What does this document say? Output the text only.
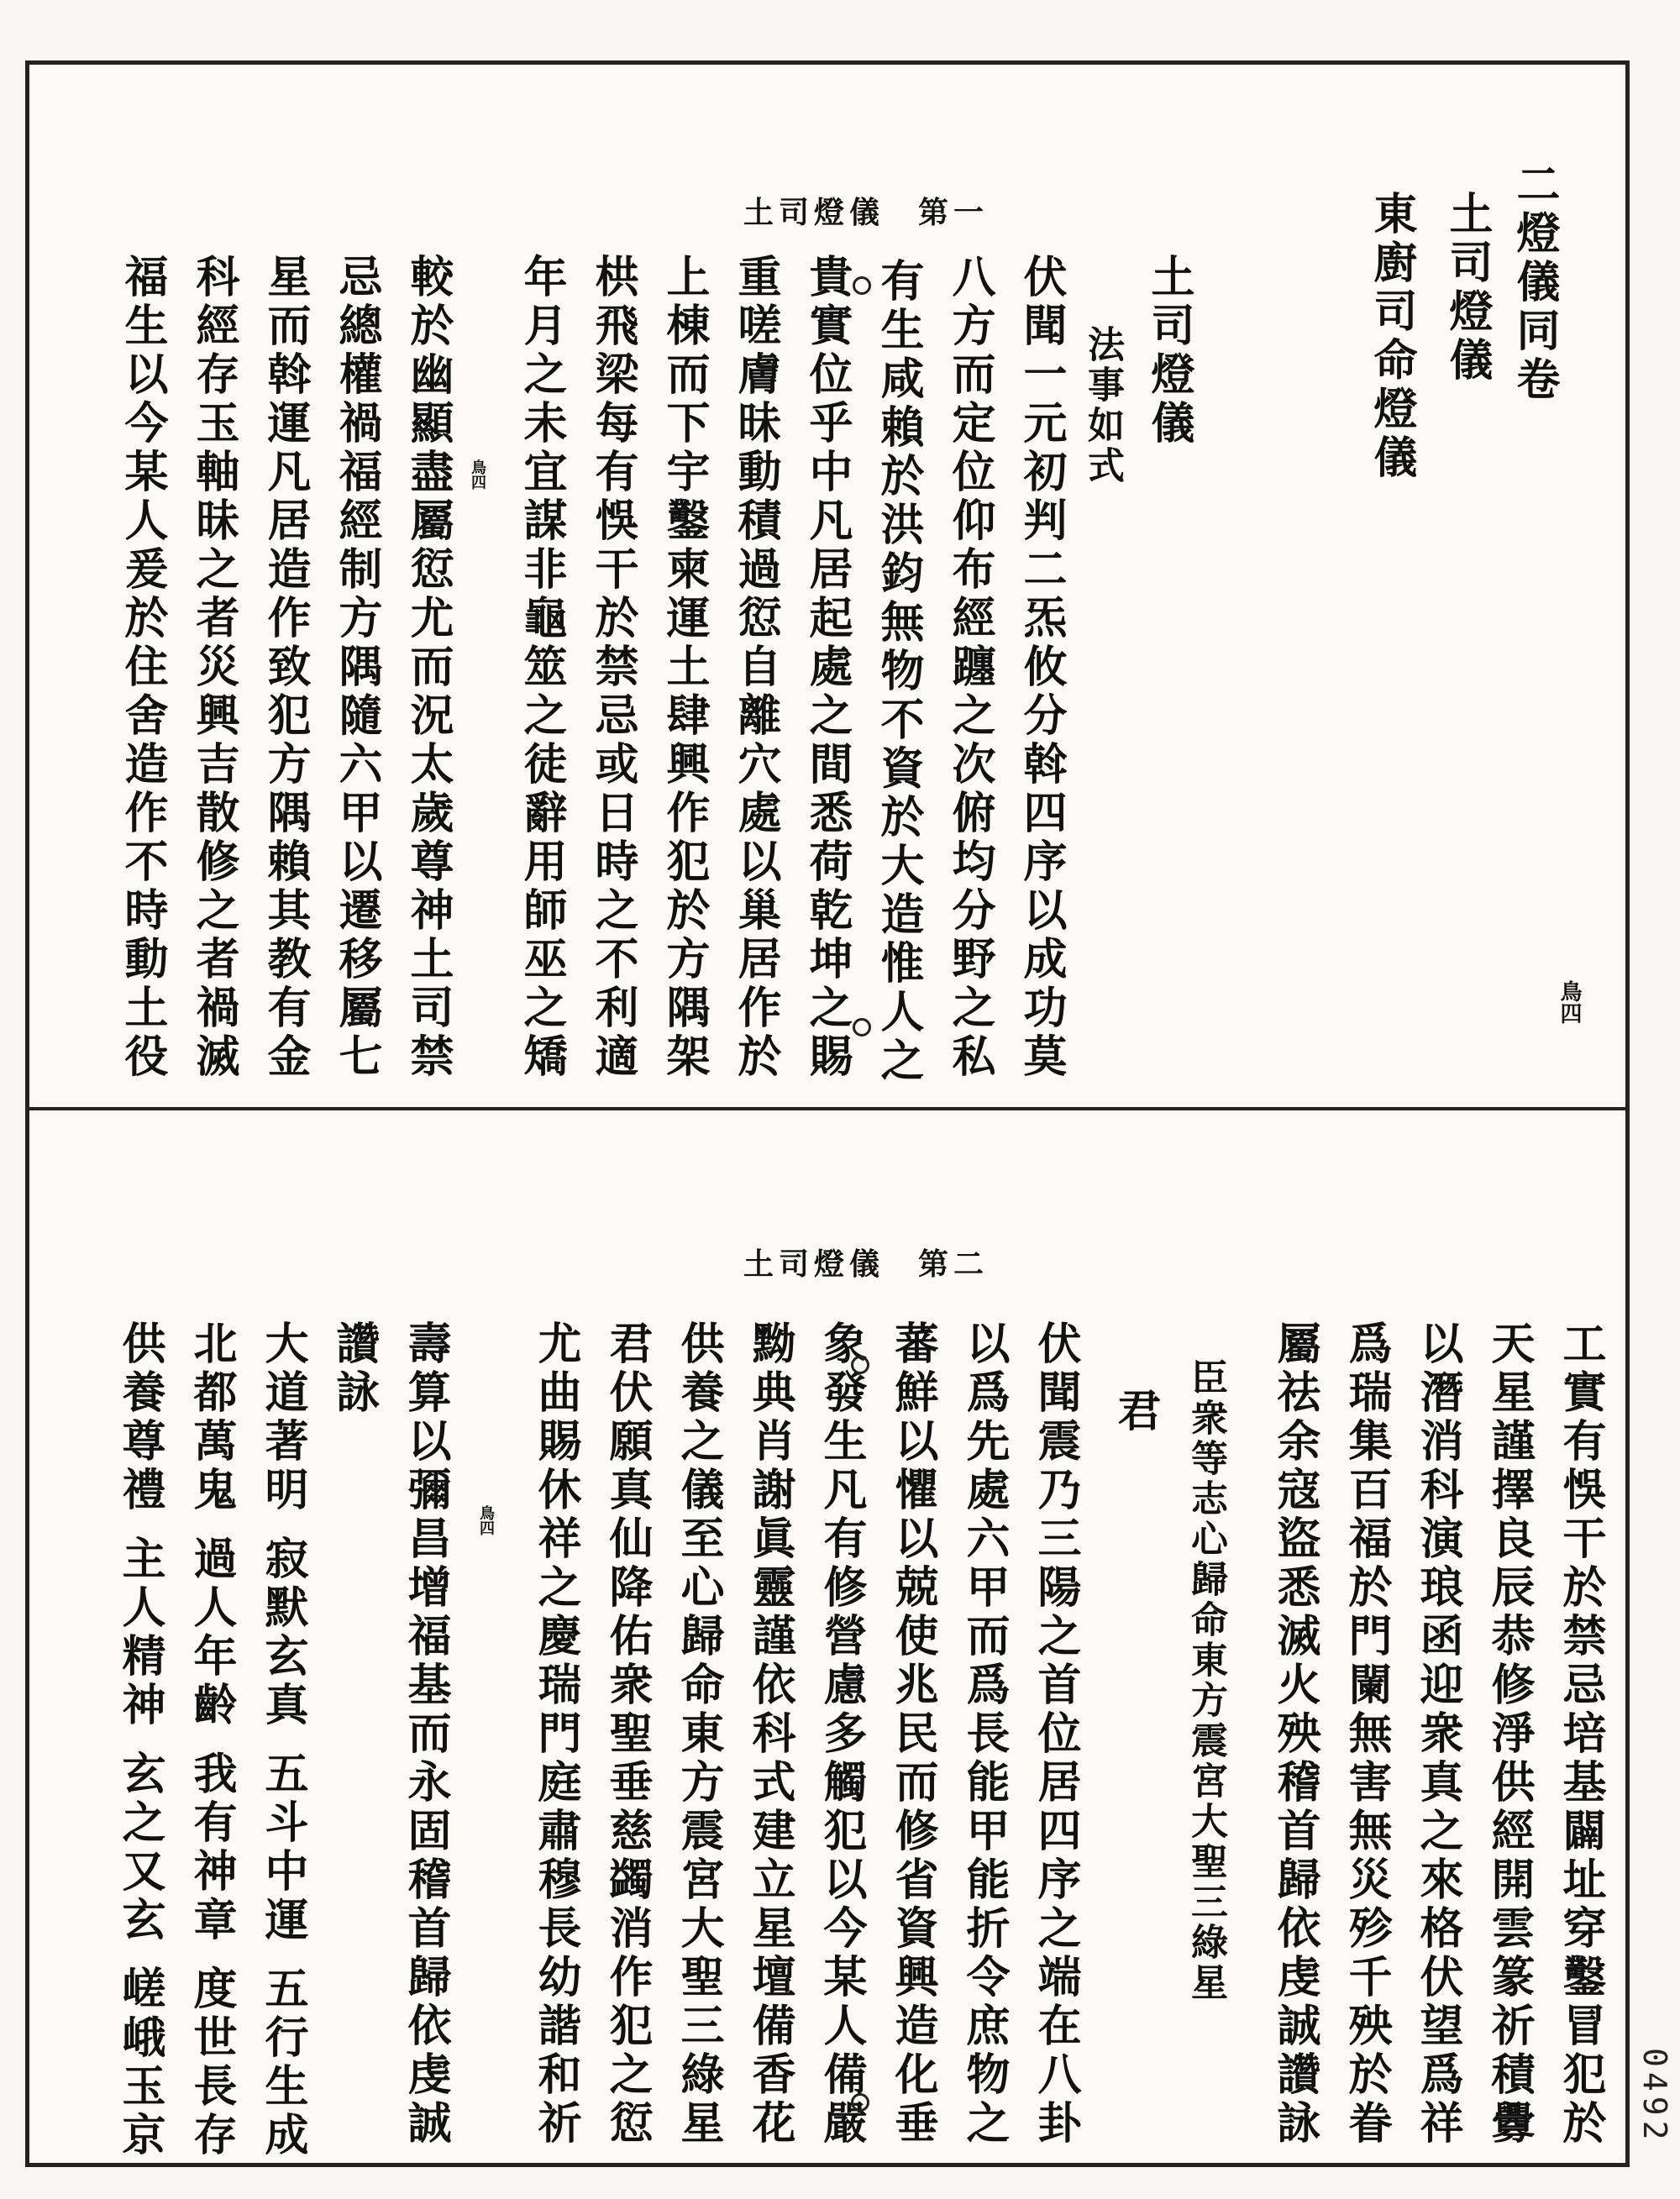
土司燈儀 第一	二燈儀同卷
土司燈儀
東廚司命燈儀
鳥四
土司燈儀
法事如式
伏聞一元初判二炁攸分斡四序以成功莫
八方而定位仰布經躔之次俯均分野之私
有生咸賴於洪鈞無物不資於大造惟人之
貴實位乎中凡居起處之間悉荷乾坤之賜
重嗟膚昧動積過愆自離穴處以巢居作於
上棟而下宇鑿柬運土肆興作犯於方隅架
栱飛梁每有悞干於禁忌或日時之不利適
年月之未宜謀非龜筮之徒辭用師巫之矯
鳥四
較於幽顯盡屬愆尤而況太歲尊神土司禁
忌總權禍福經制方隅隨六甲以遷移屬七
星而斡運凡居造作致犯方隅賴其教有金
科經存玉軸昧之者災興吉散修之者禍滅
福生以今某人爰於住舍造作不時動土役
土司燈儀 第二
工實有悞干於禁忌培基闢址穿鑿冒犯於
天星謹擇良辰恭修淨供經開雲篆祈積釁
以潛消科演琅函迎衆真之來格伏望爲祥
爲瑞集百福於門闌無害無災殄千殃於眷
屬祛余寇盜悉滅火殃稽首歸依虔誠讚詠
臣衆等志心歸命東方震宮大聖三綠星
君
伏聞震乃三陽之首位居四序之端在八卦
以爲先處六甲而爲長能甲能折令庶物之
蕃鮮以懼以兢使兆民而修省資興造化垂
象發生凡有修營慮多觸犯以今某人備嚴
黝典肖謝眞靈謹依科式建立星壇備香花
供養之儀至心歸命東方震宮大聖三綠星
君伏願真仙降佑衆聖垂慈蠲消作犯之愆
尤曲賜休祥之慶瑞門庭肅穆長幼諧和祈
鳥四
壽算以彌昌增福基而永固稽首歸依虔誠
讚詠
大道著明 寂默玄真 五斗中運 五行生成
北都萬鬼 過人年齡 我有神章 度世長存
供養尊禮 主人精神 玄之又玄 嵯峨玉京	0492
